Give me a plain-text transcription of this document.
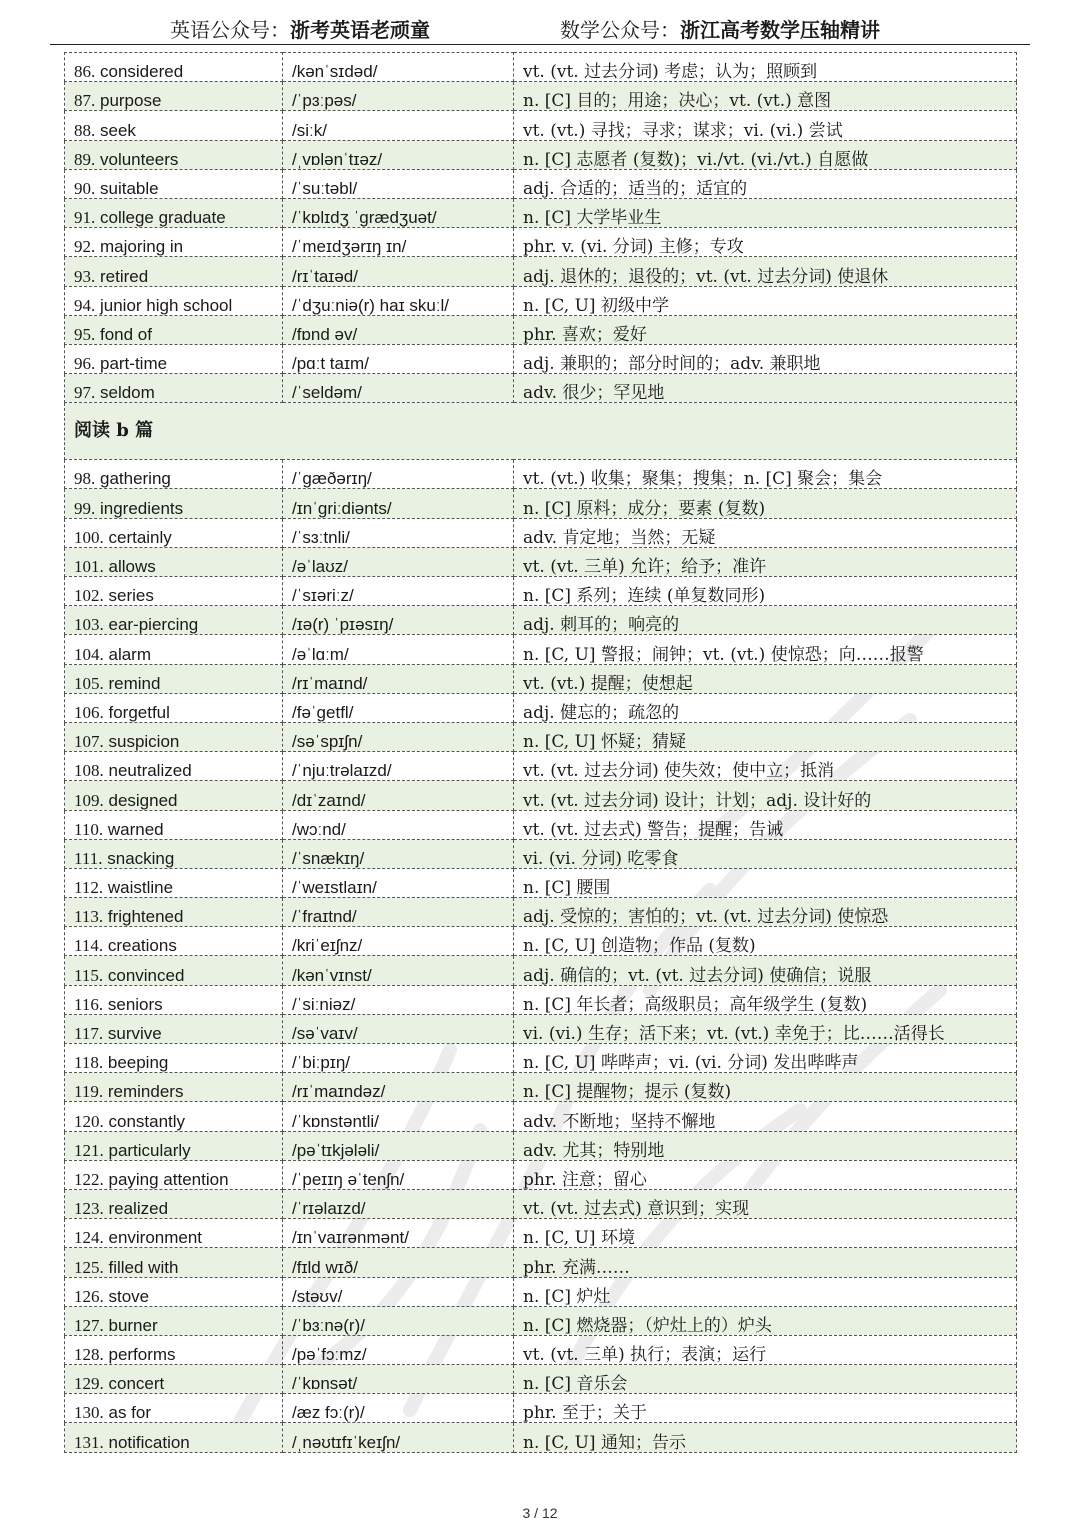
英语公众号：浙考英语老顽童	数学公众号：浙江高考数学压轴精讲
86. considered	/kənˈsɪdəd/	vt. (vt. 过去分词) 考虑；认为；照顾到
87. purpose	/ˈpɜːpəs/	n. [C] 目的；用途；决心；vt. (vt.) 意图
88. seek	/siːk/	vt. (vt.) 寻找；寻求；谋求；vi. (vi.) 尝试
89. volunteers	/ˌvɒlənˈtɪəz/	n. [C] 志愿者 (复数)；vi./vt. (vi./vt.) 自愿做
90. suitable	/ˈsuːtəbl/	adj. 合适的；适当的；适宜的
91. college graduate	/ˈkɒlɪdʒ ˈɡrædʒuət/	n. [C] 大学毕业生
92. majoring in	/ˈmeɪdʒərɪŋ ɪn/	phr. v. (vi. 分词) 主修；专攻
93. retired	/rɪˈtaɪəd/	adj. 退休的；退役的；vt. (vt. 过去分词) 使退休
94. junior high school	/ˈdʒuːniə(r) haɪ skuːl/	n. [C, U] 初级中学
95. fond of	/fɒnd əv/	phr. 喜欢；爱好
96. part-time	/pɑːt taɪm/	adj. 兼职的；部分时间的；adv. 兼职地
97. seldom	/ˈseldəm/	adv. 很少；罕见地
阅读 b 篇		
98. gathering	/ˈɡæðərɪŋ/	vt. (vt.) 收集；聚集；搜集；n. [C] 聚会；集会
99. ingredients	/ɪnˈɡriːdiənts/	n. [C] 原料；成分；要素 (复数)
100. certainly	/ˈsɜːtnli/	adv. 肯定地；当然；无疑
101. allows	/əˈlaʊz/	vt. (vt. 三单) 允许；给予；准许
102. series	/ˈsɪəriːz/	n. [C] 系列；连续 (单复数同形)
103. ear-piercing	/ɪə(r) ˈpɪəsɪŋ/	adj. 刺耳的；响亮的
104. alarm	/əˈlɑːm/	n. [C, U] 警报；闹钟；vt. (vt.) 使惊恐；向……报警
105. remind	/rɪˈmaɪnd/	vt. (vt.) 提醒；使想起
106. forgetful	/fəˈɡetfl/	adj. 健忘的；疏忽的
107. suspicion	/səˈspɪʃn/	n. [C, U] 怀疑；猜疑
108. neutralized	/ˈnjuːtrəlaɪzd/	vt. (vt. 过去分词) 使失效；使中立；抵消
109. designed	/dɪˈzaɪnd/	vt. (vt. 过去分词) 设计；计划；adj. 设计好的
110. warned	/wɔːnd/	vt. (vt. 过去式) 警告；提醒；告诫
111. snacking	/ˈsnækɪŋ/	vi. (vi. 分词) 吃零食
112. waistline	/ˈweɪstlaɪn/	n. [C] 腰围
113. frightened	/ˈfraɪtnd/	adj. 受惊的；害怕的；vt. (vt. 过去分词) 使惊恐
114. creations	/kriˈeɪʃnz/	n. [C, U] 创造物；作品 (复数)
115. convinced	/kənˈvɪnst/	adj. 确信的；vt. (vt. 过去分词) 使确信；说服
116. seniors	/ˈsiːniəz/	n. [C] 年长者；高级职员；高年级学生 (复数)
117. survive	/səˈvaɪv/	vi. (vi.) 生存；活下来；vt. (vt.) 幸免于；比……活得长
118. beeping	/ˈbiːpɪŋ/	n. [C, U] 哔哔声；vi. (vi. 分词) 发出哔哔声
119. reminders	/rɪˈmaɪndəz/	n. [C] 提醒物；提示 (复数)
120. constantly	/ˈkɒnstəntli/	adv. 不断地；坚持不懈地
121. particularly	/pəˈtɪkjələli/	adv. 尤其；特别地
122. paying attention	/ˈpeɪɪŋ əˈtenʃn/	phr. 注意；留心
123. realized	/ˈrɪəlaɪzd/	vt. (vt. 过去式) 意识到；实现
124. environment	/ɪnˈvaɪrənmənt/	n. [C, U] 环境
125. filled with	/fɪld wɪð/	phr. 充满……
126. stove	/stəʊv/	n. [C] 炉灶
127. burner	/ˈbɜːnə(r)/	n. [C] 燃烧器；（炉灶上的）炉头
128. performs	/pəˈfɔːmz/	vt. (vt. 三单) 执行；表演；运行
129. concert	/ˈkɒnsət/	n. [C] 音乐会
130. as for	/æz fɔː(r)/	phr. 至于；关于
131. notification	/ˌnəʊtɪfɪˈkeɪʃn/	n. [C, U] 通知；告示
3 / 12
